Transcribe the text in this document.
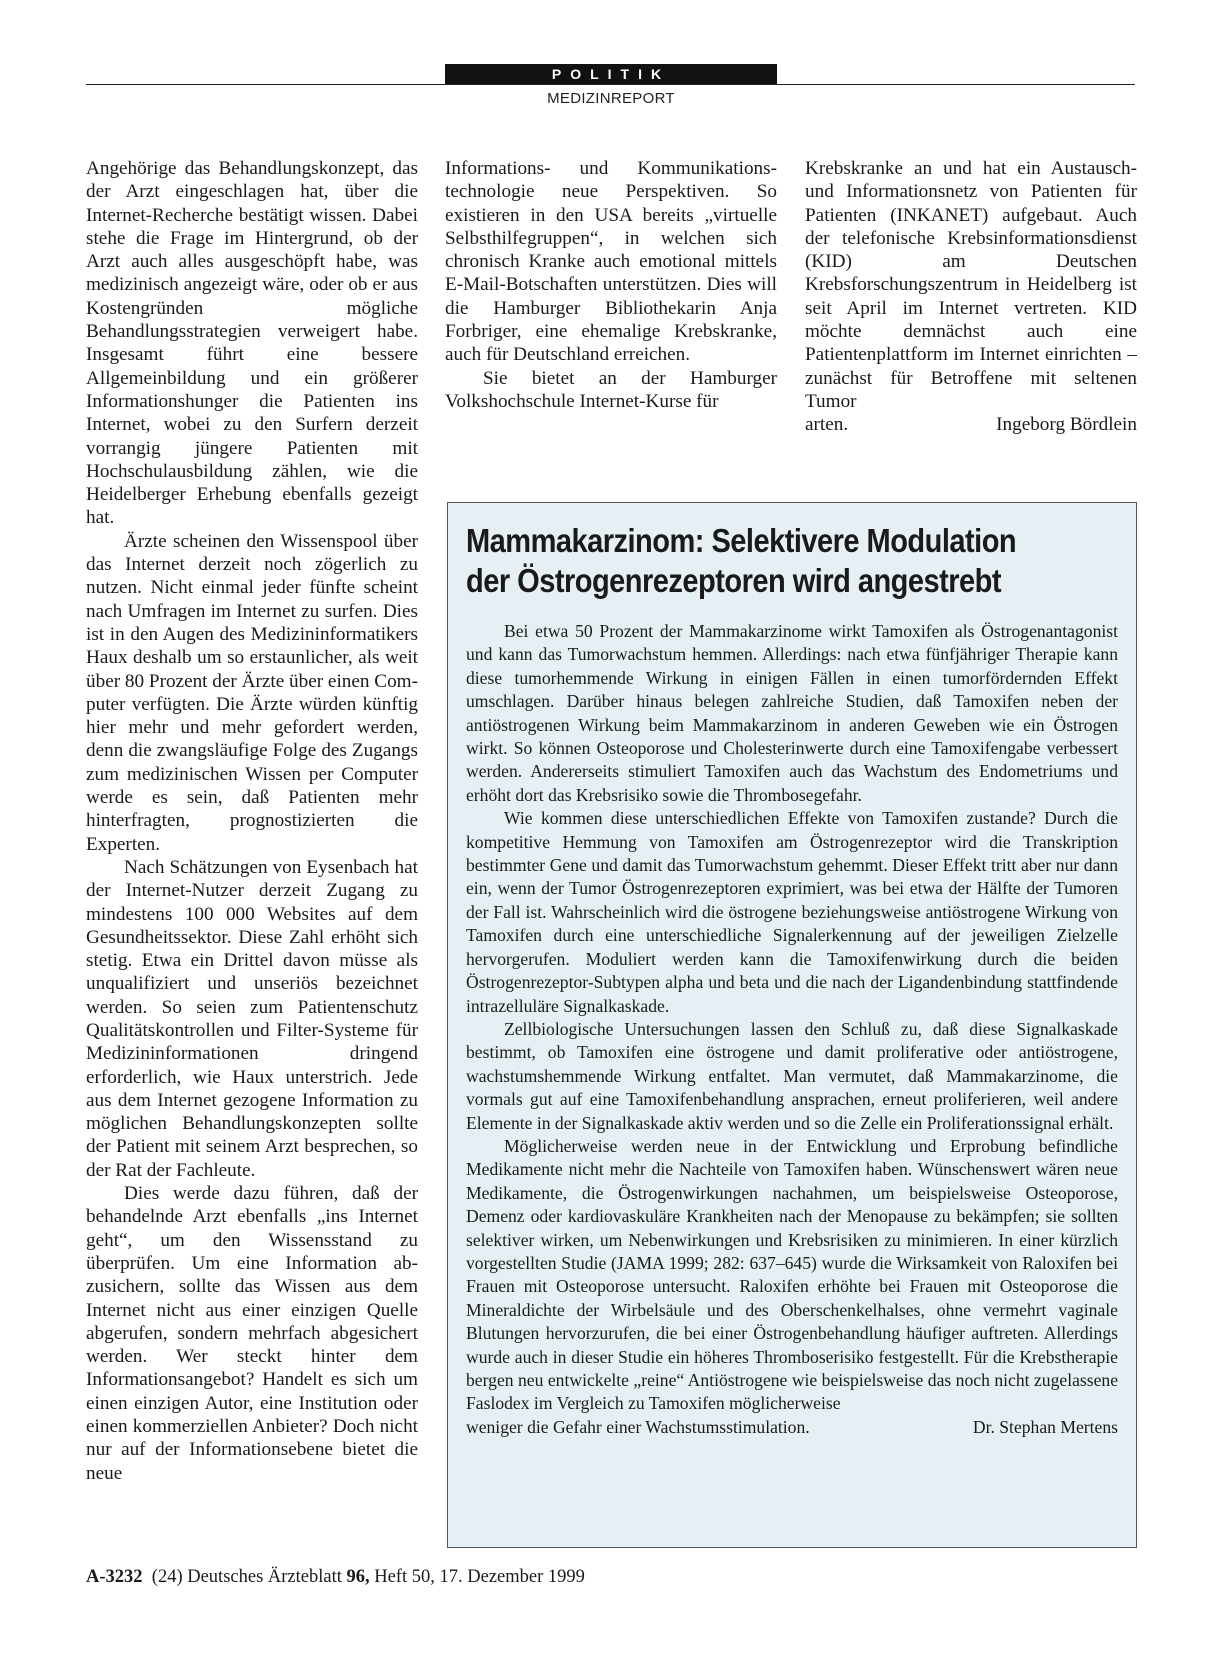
POLITIK
MEDIZINREPORT

Angehörige das Behandlungskonzept, das der Arzt eingeschlagen hat, über die Internet-Recherche bestätigt wissen. Dabei stehe die Frage im Hintergrund, ob der Arzt auch alles ausgeschöpft habe, was medizinisch angezeigt wäre, oder ob er aus Kostengründen mögliche Behandlungsstrategien verweigert habe. Insgesamt führt eine bessere Allgemeinbildung und ein größerer Informationshunger die Patienten ins Internet, wobei zu den Surfern derzeit vorrangig jüngere Patienten mit Hochschulausbildung zählen, wie die Heidelberger Erhebung ebenfalls gezeigt hat.

Ärzte scheinen den Wissenspool über das Internet derzeit noch zögerlich zu nutzen. Nicht einmal jeder fünfte scheint nach Umfragen im Internet zu surfen. Dies ist in den Augen des Medizininformatikers Haux deshalb um so erstaunlicher, als weit über 80 Prozent der Ärzte über einen Computer verfügten. Die Ärzte würden künftig hier mehr und mehr gefordert werden, denn die zwangsläufige Folge des Zugangs zum medizinischen Wissen per Computer werde es sein, daß Patienten mehr hinterfragten, prognostizierten die Experten.

Nach Schätzungen von Eysenbach hat der Internet-Nutzer derzeit Zugang zu mindestens 100 000 Websites auf dem Gesundheitssektor. Diese Zahl erhöht sich stetig. Etwa ein Drittel davon müsse als unqualifiziert und unseriös bezeichnet werden. So seien zum Patientenschutz Qualitätskontrollen und Filter-Systeme für Medizininformationen dringend erforderlich, wie Haux unterstrich. Jede aus dem Internet gezogene Information zu möglichen Behandlungskonzepten sollte der Patient mit seinem Arzt besprechen, so der Rat der Fachleute.

Dies werde dazu führen, daß der behandelnde Arzt ebenfalls „ins Internet geht“, um den Wissensstand zu überprüfen. Um eine Information abzusichern, sollte das Wissen aus dem Internet nicht aus einer einzigen Quelle abgerufen, sondern mehrfach abgesichert werden. Wer steckt hinter dem Informationsangebot? Handelt es sich um einen einzigen Autor, eine Institution oder einen kommerziellen Anbieter? Doch nicht nur auf der Informationsebene bietet die neue

Informations- und Kommunikationstechnologie neue Perspektiven. So existieren in den USA bereits „virtuelle Selbsthilfegruppen“, in welchen sich chronisch Kranke auch emotional mittels E-Mail-Botschaften unterstützen. Dies will die Hamburger Bibliothekarin Anja Forbriger, eine ehemalige Krebskranke, auch für Deutschland erreichen.

Sie bietet an der Hamburger Volkshochschule Internet-Kurse für

Krebskranke an und hat ein Austausch- und Informationsnetz von Patienten für Patienten (INKANET) aufgebaut. Auch der telefonische Krebsinformationsdienst (KID) am Deutschen Krebsforschungszentrum in Heidelberg ist seit April im Internet vertreten. KID möchte demnächst auch eine Patientenplattform im Internet einrichten – zunächst für Betroffene mit seltenen Tumor

arten.	Ingeborg Bördlein
Mammakarzinom: Selektivere Modulation
der Östrogenrezeptoren wird angestrebt

Bei etwa 50 Prozent der Mammakarzinome wirkt Tamoxifen als Östrogenantagonist und kann das Tumorwachstum hemmen. Allerdings: nach etwa fünfjähriger Therapie kann diese tumorhemmende Wirkung in einigen Fällen in einen tumorfördernden Effekt umschlagen. Darüber hinaus belegen zahlreiche Studien, daß Tamoxifen neben der antiöstrogenen Wirkung beim Mammakarzinom in anderen Geweben wie ein Östrogen wirkt. So können Osteoporose und Cholesterinwerte durch eine Tamoxifengabe verbessert werden. Andererseits stimuliert Tamoxifen auch das Wachstum des Endometriums und erhöht dort das Krebsrisiko sowie die Thrombosegefahr.

Wie kommen diese unterschiedlichen Effekte von Tamoxifen zustande? Durch die kompetitive Hemmung von Tamoxifen am Östrogenrezeptor wird die Transkription bestimmter Gene und damit das Tumorwachstum gehemmt. Dieser Effekt tritt aber nur dann ein, wenn der Tumor Östrogenrezeptoren exprimiert, was bei etwa der Hälfte der Tumoren der Fall ist. Wahrscheinlich wird die östrogene beziehungsweise antiöstrogene Wirkung von Tamoxifen durch eine unterschiedliche Signalerkennung auf der jeweiligen Zielzelle hervorgerufen. Moduliert werden kann die Tamoxifenwirkung durch die beiden Östrogenrezeptor-Subtypen alpha und beta und die nach der Ligandenbindung stattfindende intrazelluläre Signalkaskade.

Zellbiologische Untersuchungen lassen den Schluß zu, daß diese Signalkaskade bestimmt, ob Tamoxifen eine östrogene und damit proliferative oder antiöstrogene, wachstumshemmende Wirkung entfaltet. Man vermutet, daß Mammakarzinome, die vormals gut auf eine Tamoxifenbehandlung ansprachen, erneut proliferieren, weil andere Elemente in der Signalkaskade aktiv werden und so die Zelle ein Proliferationssignal erhält.

Möglicherweise werden neue in der Entwicklung und Erprobung befindliche Medikamente nicht mehr die Nachteile von Tamoxifen haben. Wünschenswert wären neue Medikamente, die Östrogenwirkungen nachahmen, um beispielsweise Osteoporose, Demenz oder kardiovaskuläre Krankheiten nach der Menopause zu bekämpfen; sie sollten selektiver wirken, um Nebenwirkungen und Krebsrisiken zu minimieren. In einer kürzlich vorgestellten Studie (JAMA 1999; 282: 637–645) wurde die Wirksamkeit von Raloxifen bei Frauen mit Osteoporose untersucht. Raloxifen erhöhte bei Frauen mit Osteoporose die Mineraldichte der Wirbelsäule und des Oberschenkelhalses, ohne vermehrt vaginale Blutungen hervorzurufen, die bei einer Östrogenbehandlung häufiger auftreten. Allerdings wurde auch in dieser Studie ein höheres Thromboserisiko festgestellt. Für die Krebstherapie bergen neu entwickelte „reine“ Antiöstrogene wie beispielsweise das noch nicht zugelassene Faslodex im Vergleich zu Tamoxifen möglicherweise

weniger die Gefahr einer Wachstumsstimulation.	Dr. Stephan Mertens
A-3232 (24) Deutsches Ärzteblatt 96, Heft 50, 17. Dezember 1999
